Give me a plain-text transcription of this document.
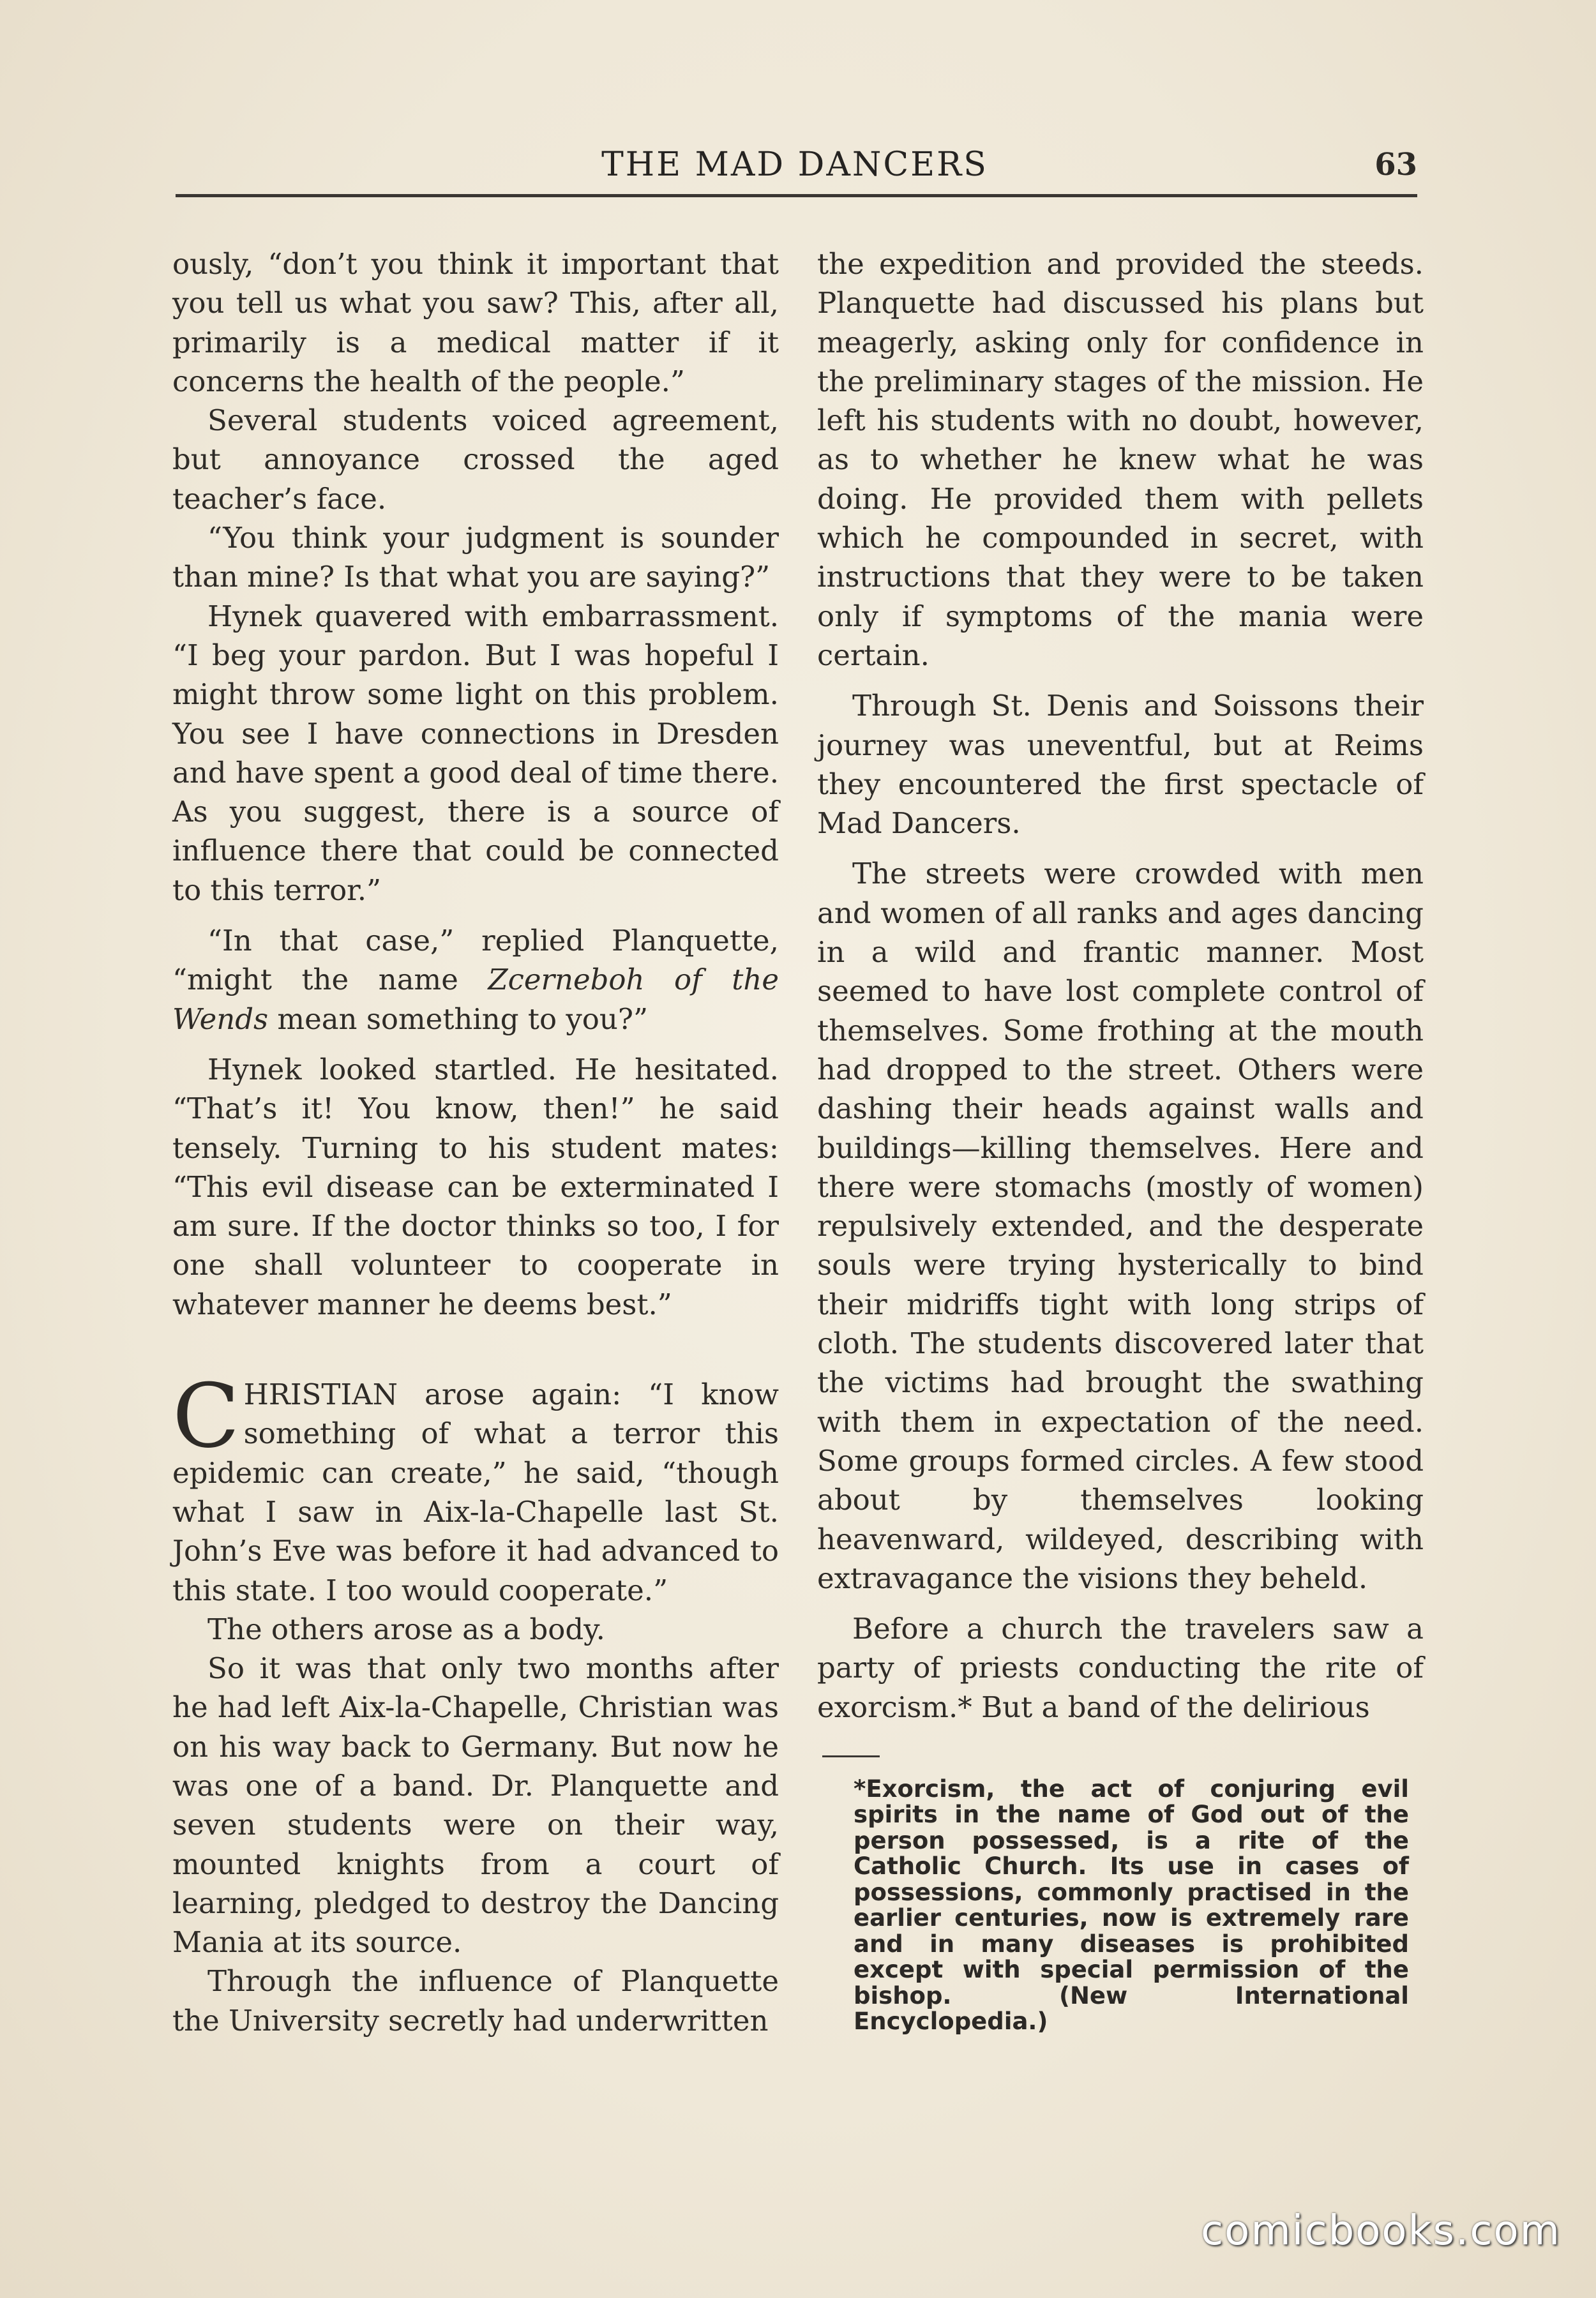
THE MAD DANCERS	63

ously, “don’t you think it important that you tell us what you saw? This, after all, primarily is a medical matter if it concerns the health of the people.”

Several students voiced agreement, but annoyance crossed the aged teacher’s face.

“You think your judgment is sounder than mine? Is that what you are saying?”

Hynek quavered with embarrassment. “I beg your pardon. But I was hopeful I might throw some light on this problem. You see I have connections in Dresden and have spent a good deal of time there. As you suggest, there is a source of influence there that could be connected to this terror.”

“In that case,” replied Planquette, “might the name Zcerneboh of the Wends mean something to you?”

Hynek looked startled. He hesitated. “That’s it! You know, then!” he said tensely. Turning to his student mates: “This evil disease can be exterminated I am sure. If the doctor thinks so too, I for one shall volunteer to cooperate in whatever manner he deems best.”

CHRISTIAN arose again: “I know something of what a terror this epidemic can create,” he said, “though what I saw in Aix-la-Chapelle last St. John’s Eve was before it had advanced to this state. I too would cooperate.”

The others arose as a body.

So it was that only two months after he had left Aix-la-Chapelle, Christian was on his way back to Germany. But now he was one of a band. Dr. Planquette and seven students were on their way, mounted knights from a court of learning, pledged to destroy the Dancing Mania at its source.

Through the influence of Planquette the University secretly had underwritten

the expedition and provided the steeds. Planquette had discussed his plans but meagerly, asking only for confidence in the preliminary stages of the mission. He left his students with no doubt, however, as to whether he knew what he was doing. He provided them with pellets which he compounded in secret, with instructions that they were to be taken only if symptoms of the mania were certain.

Through St. Denis and Soissons their journey was uneventful, but at Reims they encountered the first spectacle of Mad Dancers.

The streets were crowded with men and women of all ranks and ages dancing in a wild and frantic manner. Most seemed to have lost complete control of themselves. Some frothing at the mouth had dropped to the street. Others were dashing their heads against walls and buildings—killing themselves. Here and there were stomachs (mostly of women) repulsively extended, and the desperate souls were trying hysterically to bind their midriffs tight with long strips of cloth. The students discovered later that the victims had brought the swathing with them in expectation of the need. Some groups formed circles. A few stood about by themselves looking heavenward, wildeyed, describing with extravagance the visions they beheld.

Before a church the travelers saw a party of priests conducting the rite of exorcism.* But a band of the delirious

*Exorcism, the act of conjuring evil spirits in the name of God out of the person possessed, is a rite of the Catholic Church. Its use in cases of possessions, commonly practised in the earlier centuries, now is extremely rare and in many diseases is prohibited except with special permission of the bishop. (New International Encyclopedia.)
comicbooks.com
